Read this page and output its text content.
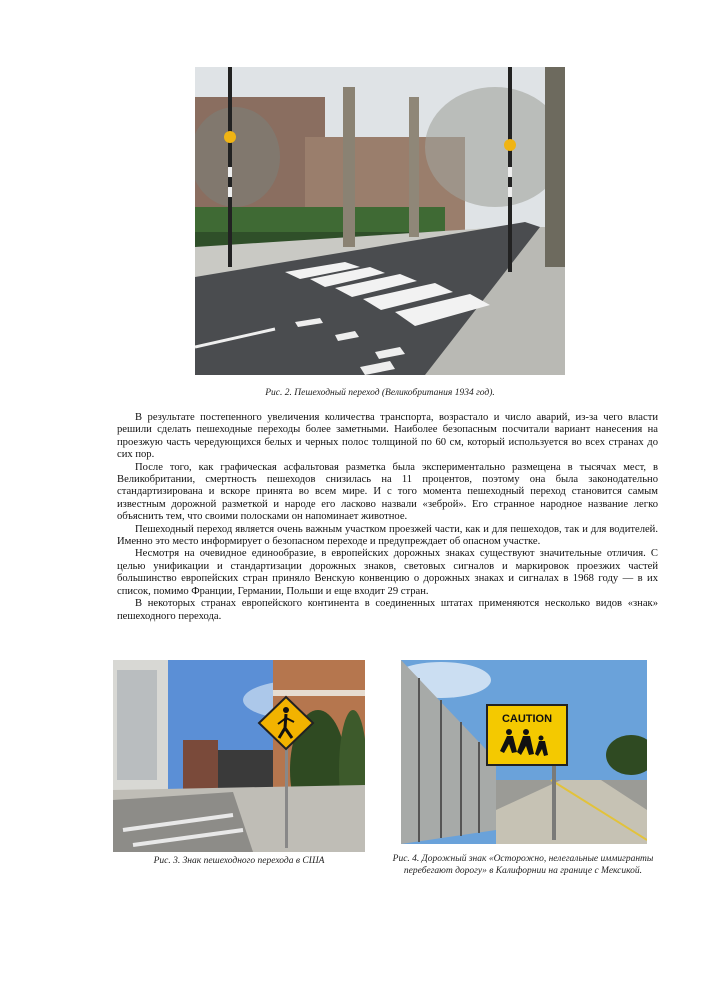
Рис. 2. Пешеходный переход (Великобритания 1934 год).

В результате постепенного увеличения количества транспорта, возрастало и число аварий, из-за чего власти решили сделать пешеходные переходы более заметными. Наиболее безопасным посчитали вариант нанесения на проезжую часть чередующихся белых и черных полос толщиной по 60 см, который используется во всех странах до сих пор.

После того, как графическая асфальтовая разметка была экспериментально размещена в тысячах мест, в Великобритании, смертность пешеходов снизилась на 11 процентов, поэтому она была законодательно стандартизирована и вскоре принята во всем мире. И с того момента пешеходный переход становится самым известным дорожной разметкой и народе его ласково назвали «зеброй». Его странное народное название легко объяснить тем, что своими полосками он напоминает животное.

Пешеходный переход является очень важным участком проезжей части, как и для пешеходов, так и для водителей. Именно это место информирует о безопасном переходе и предупреждает об опасном участке.

Несмотря на очевидное единообразие, в европейских дорожных знаках существуют значительные отличия. С целью унификации и стандартизации дорожных знаков, световых сигналов и маркировок проезжих частей большинство европейских стран приняло Венскую конвенцию о дорожных знаках и сигналах в 1968 году — в их список, помимо Франции, Германии, Польши и еще входит 29 стран.

В некоторых странах европейского континента в соединенных штатах применяются несколько видов «знак» пешеходного перехода.

CAUTION
Рис. 3. Знак пешеходного перехода в США	Рис. 4. Дорожный знак «Осторожно, нелегальные иммигранты перебегают дорогу» в Калифорнии на границе с Мексикой.
